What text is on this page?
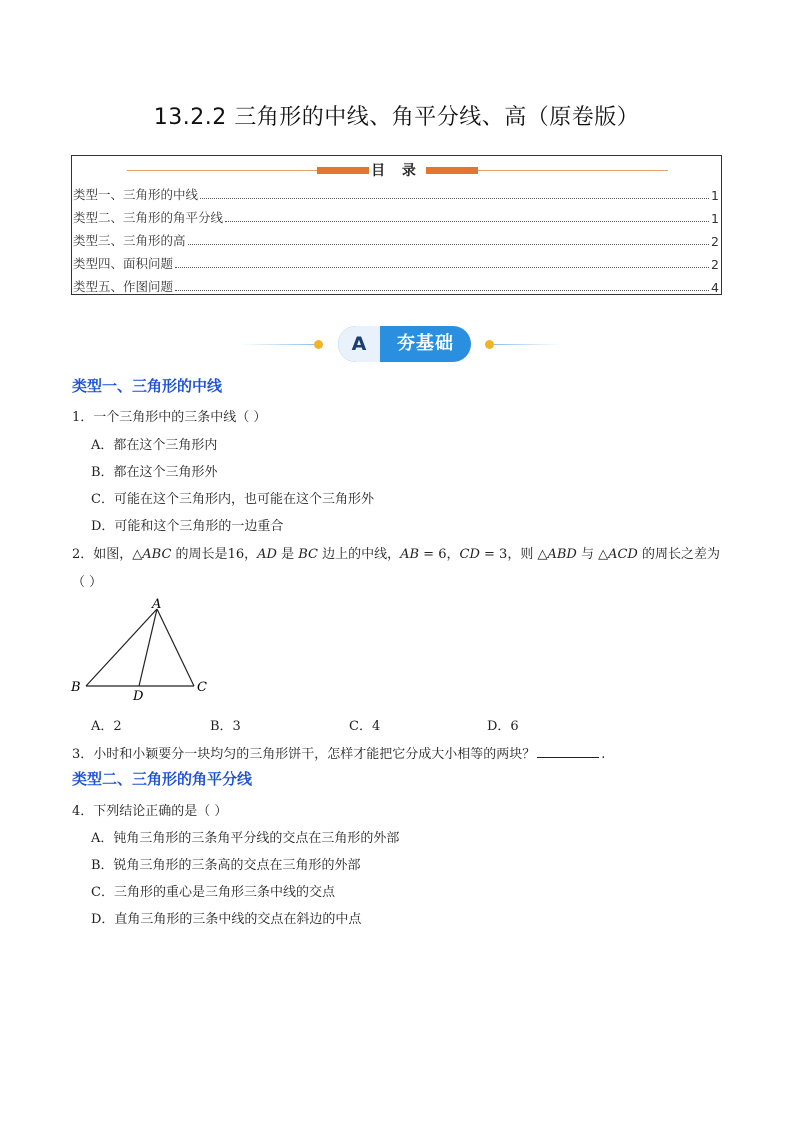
13.2.2 三角形的中线、角平分线、高（原卷版）
目 录
类型一、三角形的中线	1
类型二、三角形的角平分线	1
类型三、三角形的高	2
类型四、面积问题	2
类型五、作图问题	4
A	夯基础
类型一、三角形的中线
1．一个三角形中的三条中线（ ）
A．都在这个三角形内
B．都在这个三角形外
C．可能在这个三角形内，也可能在这个三角形外
D．可能和这个三角形的一边重合
2．如图，△ABC 的周长是16，AD 是 BC 边上的中线，AB = 6，CD = 3，则 △ABD 与 △ACD 的周长之差为
（ ）
A
B	C
D
A．2	B．3	C．4	D．6
3．小时和小颖要分一块均匀的三角形饼干，怎样才能把它分成大小相等的两块？	.
类型二、三角形的角平分线
4．下列结论正确的是（ ）
A．钝角三角形的三条角平分线的交点在三角形的外部
B．锐角三角形的三条高的交点在三角形的外部
C．三角形的重心是三角形三条中线的交点
D．直角三角形的三条中线的交点在斜边的中点
